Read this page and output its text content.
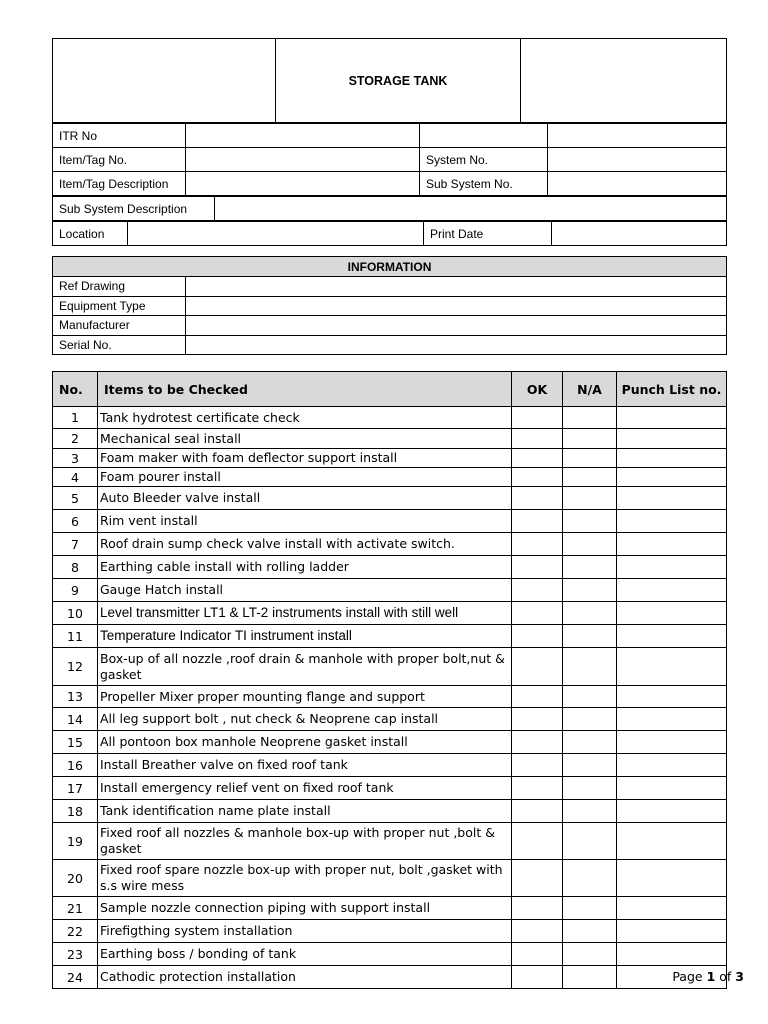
	STORAGE TANK	
ITR No			
Item/Tag No.		System No.	
Item/Tag Description		Sub System No.	
Sub System Description	
Location		Print Date	
INFORMATION	
Ref Drawing	
Equipment Type	
Manufacturer	
Serial No.	
No.	Items to be Checked	OK	N/A	Punch List no.
1	Tank hydrotest certificate check			
2	Mechanical seal install			
3	Foam maker with foam deflector support install			
4	Foam pourer install			
5	Auto Bleeder valve install			
6	Rim vent install			
7	Roof drain sump check valve install with activate switch.			
8	Earthing cable install with rolling ladder			
9	Gauge Hatch install			
10	Level transmitter LT1 & LT-2 instruments install with still well			
11	Temperature Indicator TI instrument install			
12	Box-up of all nozzle ,roof drain & manhole with proper bolt,nut & gasket			
13	Propeller Mixer proper mounting flange and support			
14	All leg support bolt , nut check & Neoprene cap install			
15	All pontoon box manhole Neoprene gasket install			
16	Install Breather valve on fixed roof tank			
17	Install emergency relief vent on fixed roof tank			
18	Tank identification name plate install			
19	Fixed roof all nozzles & manhole box-up with proper nut ,bolt & gasket			
20	Fixed roof spare nozzle box-up with proper nut, bolt ,gasket with s.s wire mess			
21	Sample nozzle connection piping with support install			
22	Firefigthing system installation			
23	Earthing boss / bonding of tank			
24	Cathodic protection installation				Page 1 of 3
